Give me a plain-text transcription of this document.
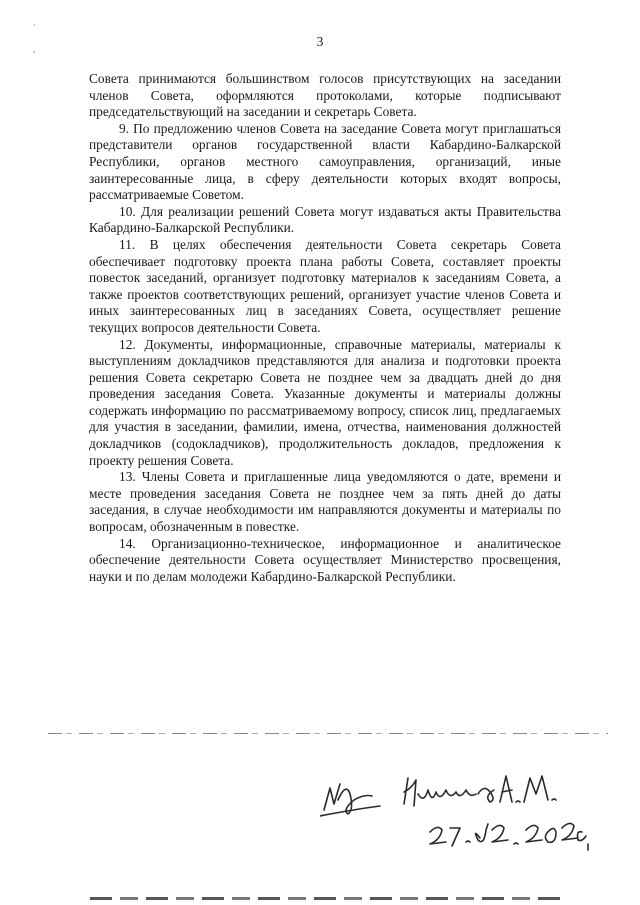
3
·
,

Совета принимаются большинством голосов присутствующих на заседании членов Совета, оформляются протоколами, которые подписывают председательствующий на заседании и секретарь Совета.

9. По предложению членов Совета на заседание Совета могут приглашаться представители органов государственной власти Кабардино-Балкарской Республики, органов местного самоуправления, организаций, иные заинтересованные лица, в сферу деятельности которых входят вопросы, рассматриваемые Советом.

10. Для реализации решений Совета могут издаваться акты Правительства Кабардино-Балкарской Республики.

11. В целях обеспечения деятельности Совета секретарь Совета обеспечивает подготовку проекта плана работы Совета, составляет проекты повесток заседаний, организует подготовку материалов к заседаниям Совета, а также проектов соответствующих решений, организует участие членов Совета и иных заинтересованных лиц в заседаниях Совета, осуществляет решение текущих вопросов деятельности Совета.

12. Документы, информационные, справочные материалы, материалы к выступлениям докладчиков представляются для анализа и подготовки проекта решения Совета секретарю Совета не позднее чем за двадцать дней до дня проведения заседания Совета. Указанные документы и материалы должны содержать информацию по рассматриваемому вопросу, список лиц, предлагаемых для участия в заседании, фамилии, имена, отчества, наименования должностей докладчиков (содокладчиков), продолжительность докладов, предложения к проекту решения Совета.

13. Члены Совета и приглашенные лица уведомляются о дате, времени и месте проведения заседания Совета не позднее чем за пять дней до даты заседания, в случае необходимости им направляются документы и материалы по вопросам, обозначенным в повестке.

14. Организационно-техническое, информационное и аналитическое обеспечение деятельности Совета осуществляет Министерство просвещения, науки и по делам молодежи Кабардино-Балкарской Республики.
